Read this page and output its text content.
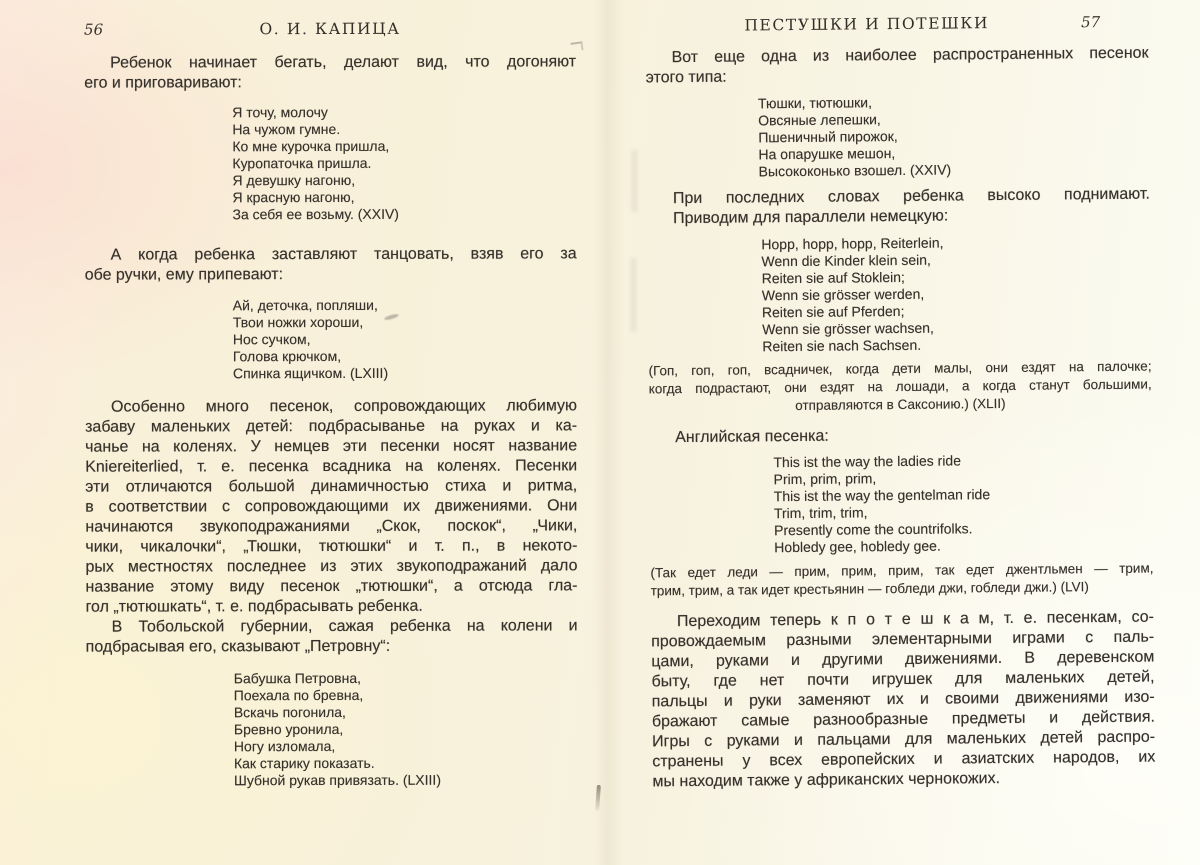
56	О. И. КАПИЦА
Ребенок начинает бегать, делают вид, что догоняют
его и приговаривают:
Я точу, молочу
На чужом гумне.
Ко мне курочка пришла,
Куропаточка пришла.
Я девушку нагоню,
Я красную нагоню,
За себя ее возьму. (XXIV)
А когда ребенка заставляют танцовать, взяв его за
обе ручки, ему припевают:
Ай, деточка, попляши,
Твои ножки хороши,
Нос сучком,
Голова крючком,
Спинка ящичком. (LXIII)
Особенно много песенок, сопровождающих любимую
забаву маленьких детей: подбрасыванье на руках и ка-
чанье на коленях. У немцев эти песенки носят название
Kniereiterlied, т. е. песенка всадника на коленях. Песенки
эти отличаются большой динамичностью стиха и ритма,
в соответствии с сопровождающими их движениями. Они
начинаются звукоподражаниями „Скок, поскок“, „Чики,
чики, чикалочки“, „Тюшки, тютюшки“ и т. п., в некото-
рых местностях последнее из этих звукоподражаний дало
название этому виду песенок „тютюшки“, а отсюда гла-
гол „тютюшкать“, т. е. подбрасывать ребенка.
В Тобольской губернии, сажая ребенка на колени и
подбрасывая его, сказывают „Петровну“:
Бабушка Петровна,
Поехала по бревна,
Вскачь погонила,
Бревно уронила,
Ногу изломала,
Как старику показать.
Шубной рукав привязать. (LXIII)
ПЕСТУШКИ И ПОТЕШКИ	57
Вот еще одна из наиболее распространенных песенок
этого типа:
Тюшки, тютюшки,
Овсяные лепешки,
Пшеничный пирожок,
На опарушке мешон,
Высококонько взошел. (XXIV)
При последних словах ребенка высоко поднимают.
Приводим для параллели немецкую:
Hopp, hopp, hopp, Reiterlein,
Wenn die Kinder klein sein,
Reiten sie auf Stoklein;
Wenn sie grösser werden,
Reiten sie auf Pferden;
Wenn sie grösser wachsen,
Reiten sie nach Sachsen.
(Гоп, гоп, гоп, всадничек, когда дети малы, они ездят на палочке;
когда подрастают, они ездят на лошади, а когда станут большими,
отправляются в Саксонию.) (XLII)
Английская песенка:
This ist the way the ladies ride
Prim, prim, prim,
This ist the way the gentelman ride
Trim, trim, trim,
Presently come the countrifolks.
Hobledy gee, hobledy gee.
(Так едет леди — прим, прим, прим, так едет джентльмен — трим,
трим, трим, а так идет крестьянин — гобледи джи, гобледи джи.) (LVI)
Переходим теперь к п о т е ш к а м, т. е. песенкам, со-
провождаемым разными элементарными играми с паль-
цами, руками и другими движениями. В деревенском
быту, где нет почти игрушек для маленьких детей,
пальцы и руки заменяют их и своими движениями изо-
бражают самые разнообразные предметы и действия.
Игры с руками и пальцами для маленьких детей распро-
странены у всех европейских и азиатских народов, их
мы находим также у африканских чернокожих.
